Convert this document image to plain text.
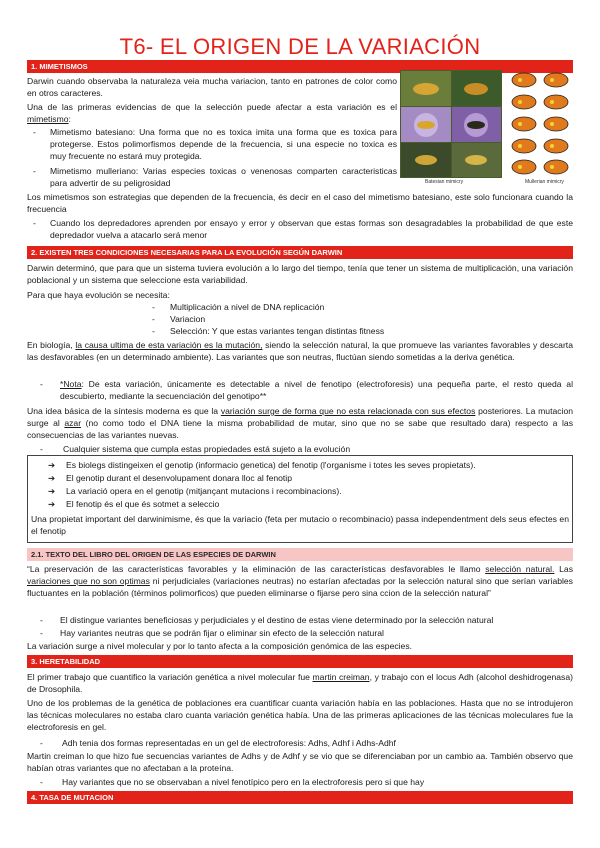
T6- EL ORIGEN DE LA VARIACIÓN
1. MIMETISMOS
Darwin cuando observaba la naturaleza veia mucha variacion, tanto en patrones de color como en otros caracteres.
Una de las primeras evidencias de que la selección puede afectar a esta variación es el mimetismo:
- Mimetismo batesiano: Una forma que no es toxica imita una forma que es toxica para protegerse. Estos polimorfismos depende de la frecuencia, si una especie no toxica es muy frecuente no estará muy protegida.
- Mimetismo mulleriano: Varias especies toxicas o venenosas comparten caracteristicas para advertir de su peligrosidad
Los mimetismos son estrategias que dependen de la frecuencia, és decir en el caso del mimetismo batesiano, este solo funcionara cuando la frecuencia
- Cuando los depredadores aprenden por ensayo y error y observan que estas formas son desagradables la probabilidad de que este depredador vuelva a atacarlo será menor
Batesian mimicry	Mullerian mimicry
2. EXISTEN TRES CONDICIONES NECESARIAS PARA LA EVOLUCIÓN SEGÚN DARWIN
Darwin determinó, que para que un sistema tuviera evolución a lo largo del tiempo, tenía que tener un sistema de multiplicación, una variación poblacional y un sistema que seleccione esta variabilidad.
Para que haya evolución se necesita:
- Multiplicación a nivel de DNA replicación
- Variacion
- Selección: Y que estas variantes tengan distintas fitness
En biología, la causa ultima de esta variación es la mutación, siendo la selección natural, la que promueve las variantes favorables y descarta las desfavorables (en un determinado ambiente). Las variantes que son neutras, fluctúan siendo sometidas a la deriva genética.
- *Nota: De esta variación, únicamente es detectable a nivel de fenotipo (electroforesis) una pequeña parte, el resto queda al descubierto, mediante la secuenciación del genotipo**
Una idea básica de la síntesis moderna es que la variación surge de forma que no esta relacionada con sus efectos posteriores. La mutacion surge al azar (no como todo el DNA tiene la misma probabilidad de mutar, sino que no se sabe que resultado dara) respecto a las consecuencias de las variantes nuevas.
- Cualquier sistema que cumpla estas propiedades está sujeto a la evolución
➔ Es biolegs distingeixen el genotip (informacio genetica) del fenotip (l'organisme i totes les seves propietats).
➔ El genotip durant el desenvolupament donara lloc al fenotip
➔ La variació opera en el genotip (mitjançant mutacions i recombinacions).
➔ El fenotip és el que és sotmet a seleccio
Una propietat important del darwinimisme, és que la variacio (feta per mutacio o recombinacio) passa independentment dels seus efectes en el fenotip
2.1. TEXTO DEL LIBRO DEL ORIGEN DE LAS ESPECIES DE DARWIN
“La preservación de las características favorables y la eliminación de las características desfavorables le llamo selección natural. Las variaciones que no son optimas ni perjudiciales (variaciones neutras) no estarían afectadas por la selección natural sino que serían variables fluctuantes en la población (términos polimorficos) que pueden eliminarse o fijarse pero sina ccion de la selección natural”
- El distingue variantes beneficiosas y perjudiciales y el destino de estas viene determinado por la selección natural
- Hay variantes neutras que se podrán fijar o eliminar sin efecto de la selección natural
La variación surge a nivel molecular y por lo tanto afecta a la composición genómica de las especies.
3. HERETABILIDAD
El primer trabajo que cuantifico la variación genética a nivel molecular fue martin creiman, y trabajo con el locus Adh (alcohol deshidrogenasa) de Drosophila.
Uno de los problemas de la genética de poblaciones era cuantificar cuanta variación había en las poblaciones. Hasta que no se introdujeron las técnicas moleculares no estaba claro cuanta variación genética había. Una de las primeras aplicaciones de las técnicas moleculares fue la electroforesis en gel.
- Adh tenia dos formas representadas en un gel de electroforesis: Adhs, Adhf i Adhs-Adhf
Martin creiman lo que hizo fue secuencias variantes de Adhs y de Adhf y se vio que se diferenciaban por un cambio aa. También observo que habían otras variantes que no afectaban a la proteína.
- Hay variantes que no se observaban a nivel fenotípico pero en la electroforesis pero si que hay
4. TASA DE MUTACION
